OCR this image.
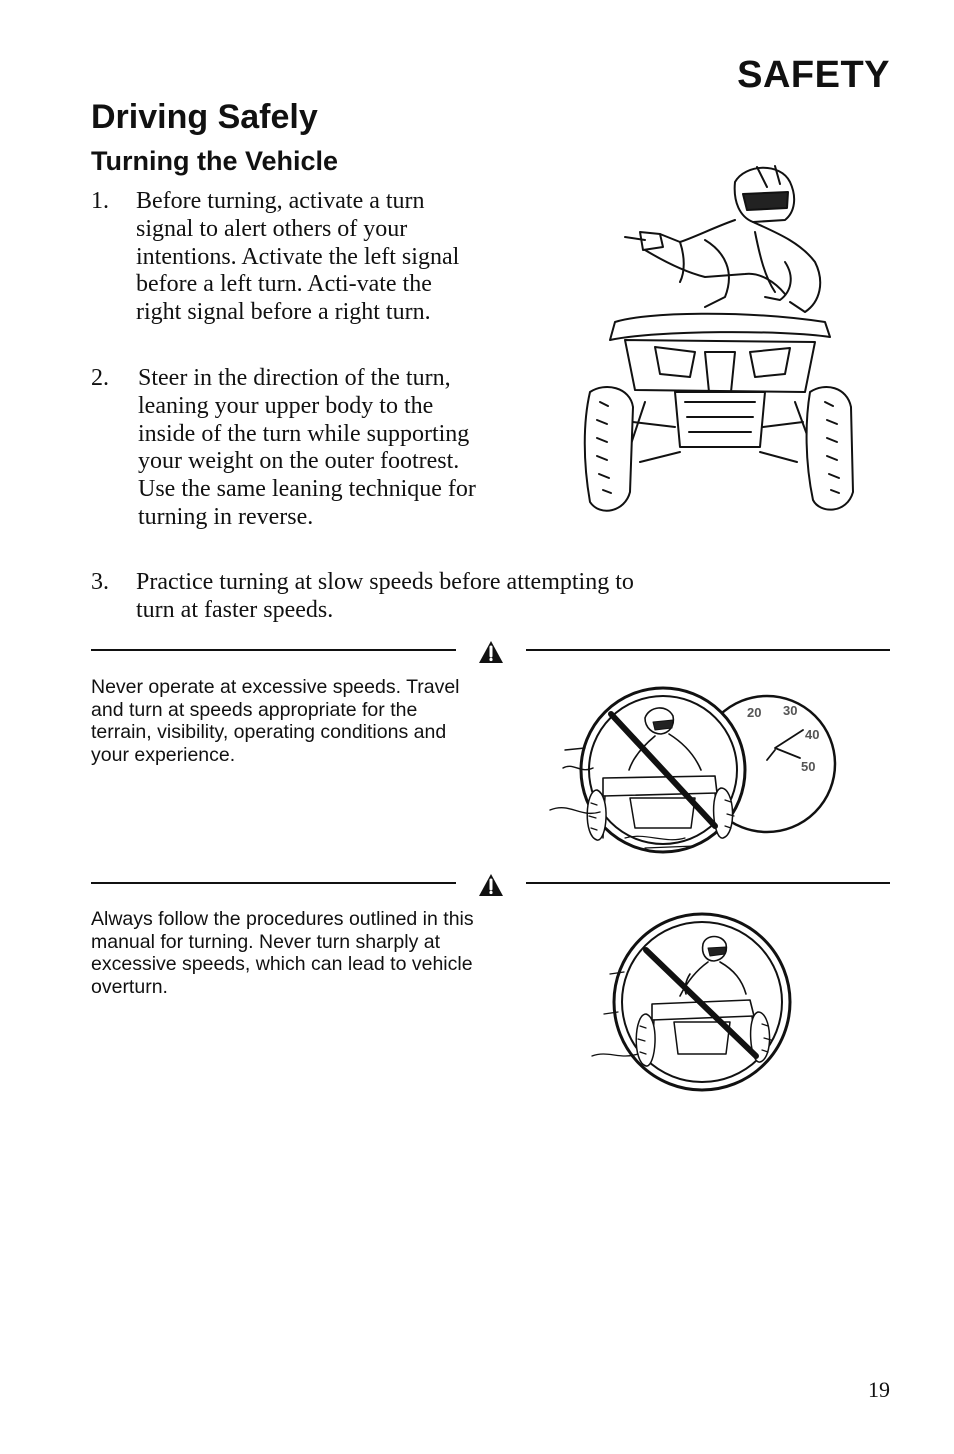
SAFETY
Driving Safely
Turning the Vehicle
1. Before turning, activate a turn signal to alert others of your intentions. Activate the left signal before a left turn. Acti-vate the right signal before a right turn.
2. Steer in the direction of the turn, leaning your upper body to the inside of the turn while supporting your weight on the outer footrest. Use the same leaning technique for turning in reverse.
3. Practice turning at slow speeds before attempting to turn at faster speeds.
Never operate at excessive speeds. Travel and turn at speeds appropriate for the terrain, visibility, operating conditions and your experience.
20 30
40
50
Always follow the procedures outlined in this manual for turning. Never turn sharply at excessive speeds, which can lead to vehicle overturn.
19
